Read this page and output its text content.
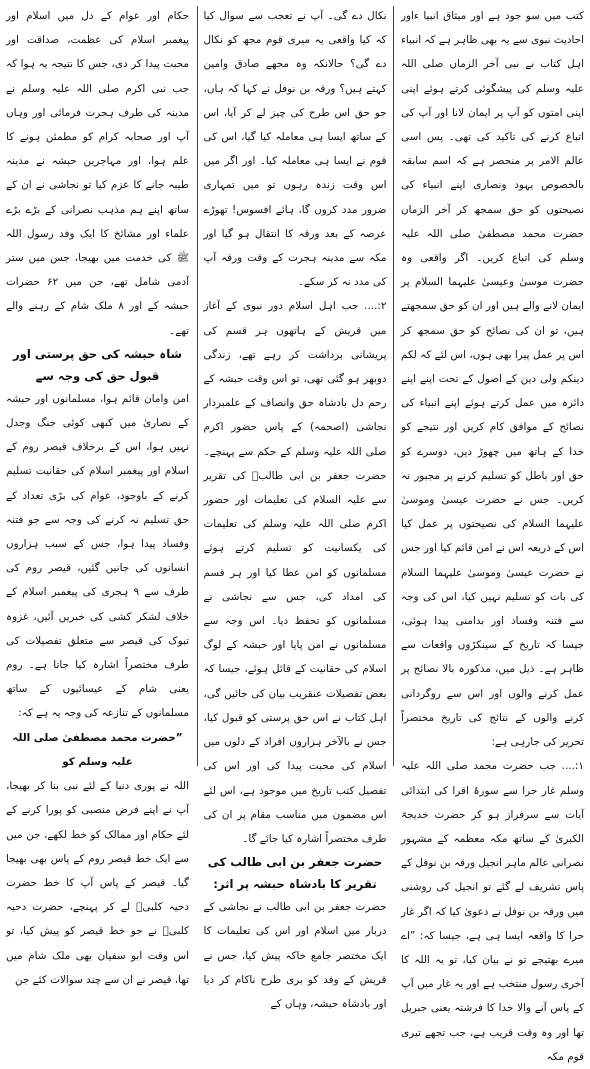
کتب میں سو جود ہے اور میثاق انبیا ءاور احادیث نبوی سے یہ بھی ظاہر ہے کہ انبیاء اہل کتاب نے نبی آخر الزماں صلی اللہ علیہ وسلم کی پیشگوئی کرتے ہوئے اپنی اپنی امتوں کو آپ پر ایمان لانا اور آپ کی اتباع کرنے کی تاکید کی تھی۔ پس اسی عالم الامر پر منحصر ہے کہ اسم سابقہ بالخصوص یہود ونصاری اپنے انبیاء کی نصیحتوں کو حق سمجھ کر آخر الزماں حضرت محمد مصطفیٰ صلی اللہ علیہ وسلم کی اتباع کریں۔ اگر واقعی وہ حضرت موسیٰ وعیسیٰ علیہما السلام پر ایمان لانے والے ہیں اور ان کو حق سمجھتے ہیں، تو ان کی نصائح کو حق سمجھ کر اس پر عمل پیرا بھی ہوں، اس لئے کہ لکم دینکم ولی دین کے اصول کے تحت اپنے اپنے دائرہ میں عمل کرتے ہوئے اپنے انبیاء کی نصائح کے موافق کام کریں اور نتیجے کو خدا کے ہاتھ میں چھوڑ دیں، دوسرے کو حق اور باطل کو تسلیم کرنے پر مجبور نہ کریں۔ جس نے حضرت عیسیٰ وموسیٰ علیہما السلام کی نصیحتوں پر عمل کیا اس کے ذریعہ اس نے امن قائم کیا اور جس نے حضرت عیسیٰ وموسیٰ علیہما السلام کی بات کو تسلیم نہیں کیا، اس کی وجہ سے فتنہ وفساد اور بدامنی پیدا ہوئی، جیسا کہ تاریخ کے سینکڑوں واقعات سے ظاہر ہے۔ ذیل میں، مذکورہ بالا نصائح پر عمل کرنے والوں اور اس سے روگردانی کرنے والوں کے نتائج کی تاریخ مختصراً تحریر کی جارہی ہے:

۱:.... جب حضرت محمد صلی اللہ علیہ وسلم غار حرا سے سورۂ اقرا کی ابتدائی آیات سے سرفراز ہو کر حضرت خدیجۃ الکبریٰ کے ساتھ مکہ معظمہ کے مشہور نصرانی عالم ماہر انجیل ورقہ بن نوفل کے پاس تشریف لے گئے تو انجیل کی روشنی میں ورقہ بن نوفل نے دعویٰ کیا کہ اگر غار حرا کا واقعہ ایسا ہی ہے، جیسا کہ: ”اے میرے بھتیجے تو نے بیان کیا، تو یہ اللہ کا آخری رسول منتخب ہے اور یہ غار میں آپ کے پاس آنے والا خدا کا فرشتہ یعنی جبریل تھا اور وہ وقت قریب ہے، جب تجھے تیری قوم مکہ

نکال دے گی۔ آپ نے تعجب سے سوال کیا کہ کیا واقعی یہ میری قوم مجھ کو نکال دے گی؟ حالانکہ وہ مجھے صادق وامین کہتے ہیں؟ ورقہ بن نوفل نے کہا کہ ہاں، جو حق اس طرح کی چیز لے کر آیا، اس کے ساتھ ایسا ہی معاملہ کیا گیا، اس کی قوم نے ایسا ہی معاملہ کیا۔ اور اگر میں اس وقت زندہ رہوں تو میں تمہاری ضرور مدد کروں گا، ہائے افسوس! تھوڑے عرصہ کے بعد ورقہ کا انتقال ہو گیا اور مکہ سے مدینہ ہجرت کے وقت ورقہ آپ کی مدد نہ کر سکے۔

۲:.... جب اہل اسلام دور نبوی کے آغاز میں قریش کے ہاتھوں ہر قسم کی پریشانی برداشت کر رہے تھے، زندگی دوبھر ہو گئی تھی، تو اس وقت حبشہ کے رحم دل بادشاہ حق وانصاف کے علمبردار نجاشی (اصحمہ) کے پاس حضور اکرم صلی اللہ علیہ وسلم کے حکم سے پہنچے۔ حضرت جعفر بن ابی طالبؓ کی تقریر سے علیہ السلام کی تعلیمات اور حضور اکرم صلی اللہ علیہ وسلم کی تعلیمات کی یکسانیت کو تسلیم کرتے ہوئے مسلمانوں کو امن عطا کیا اور ہر قسم کی امداد کی، جس سے نجاشی نے مسلمانوں کو تحفظ دیا۔ اس وجہ سے مسلمانوں نے امن پایا اور حبشہ کے لوگ اسلام کی حقانیت کے قائل ہوئے، جیسا کہ بعض تفصیلات عنقریب بیان کی جائیں گی، اہل کتاب نے اس حق پرستی کو قبول کیا، جس نے بالآخر ہزاروں افراد کے دلوں میں اسلام کی محبت پیدا کی اور اس کی تفصیل کتب تاریخ میں موجود ہے، اس لئے اس مضمون میں مناسب مقام پر ان کی طرف مختصراً اشارہ کیا جائے گا۔

حضرت جعفر بن ابی طالب کی تقریر کا بادشاہ حبشہ پر اثر:

حضرت جعفر بن ابی طالب نے نجاشی کے دربار میں اسلام اور اس کی تعلیمات کا ایک مختصر جامع خاکہ پیش کیا، جس نے قریش کے وفد کو بری طرح ناکام کر دیا اور بادشاہ حبشہ، وہاں کے

حکام اور عوام کے دل میں اسلام اور پیغمبر اسلام کی عظمت، صداقت اور محبت پیدا کر دی، جس کا نتیجہ یہ ہوا کہ جب نبی اکرم صلی اللہ علیہ وسلم نے مدینہ کی طرف ہجرت فرمائی اور وہاں آپ اور صحابہ کرام کو مطمئن ہونے کا علم ہوا، اور مہاجرین حبشہ نے مدینہ طیبہ جانے کا عزم کیا تو نجاشی نے ان کے ساتھ اپنے ہم مذہب نصرانی کے بڑے بڑے علماء اور مشائخ کا ایک وفد رسول اللہ ﷺ کی خدمت میں بھیجا، جس میں ستر آدمی شامل تھے، جن میں ۶۲ حضرات حبشہ کے اور ۸ ملک شام کے رہنے والے تھے۔

شاہ حبشہ کی حق پرستی اور قبول حق کی وجہ سے

امن وامان قائم ہوا، مسلمانوں اور حبشہ کے نصاریٰ میں کبھی کوئی جنگ وجدل نہیں ہوا، اس کے برخلاف قیصر روم کے اسلام اور پیغمبر اسلام کی حقانیت تسلیم کرنے کے باوجود، عوام کی بڑی تعداد کے حق تسلیم نہ کرنے کی وجہ سے جو فتنہ وفساد پیدا ہوا، جس کے سبب ہزاروں انسانوں کی جانیں گئیں، قیصر روم کی طرف سے ۹ ہجری کی پیغمبر اسلام کے خلاف لشکر کشی کی خبریں آئیں، غزوہ تبوک کی قیصر سے متعلق تفصیلات کی طرف مختصراً اشارہ کیا جاتا ہے۔ روم یعنی شام کے عیسائیوں کے ساتھ مسلمانوں کے تنازعہ کی وجہ یہ ہے کہ:

”حضرت محمد مصطفیٰ صلی اللہ علیہ وسلم کو

اللہ نے پوری دنیا کے لئے نبی بنا کر بھیجا، آپ نے اپنے فرض منصبی کو پورا کرنے کے لئے حکام اور ممالک کو خط لکھے، جن میں سے ایک خط قیصر روم کے پاس بھی بھیجا گیا۔ قیصر کے پاس آپ کا خط حضرت دحیہ کلبیؓ لے کر پہنچے، حضرت دحیہ کلبیؓ نے جو خط قیصر کو پیش کیا، تو اس وقت ابو سفیان بھی ملک شام میں تھا، قیصر نے ان سے چند سوالات کئے جن
